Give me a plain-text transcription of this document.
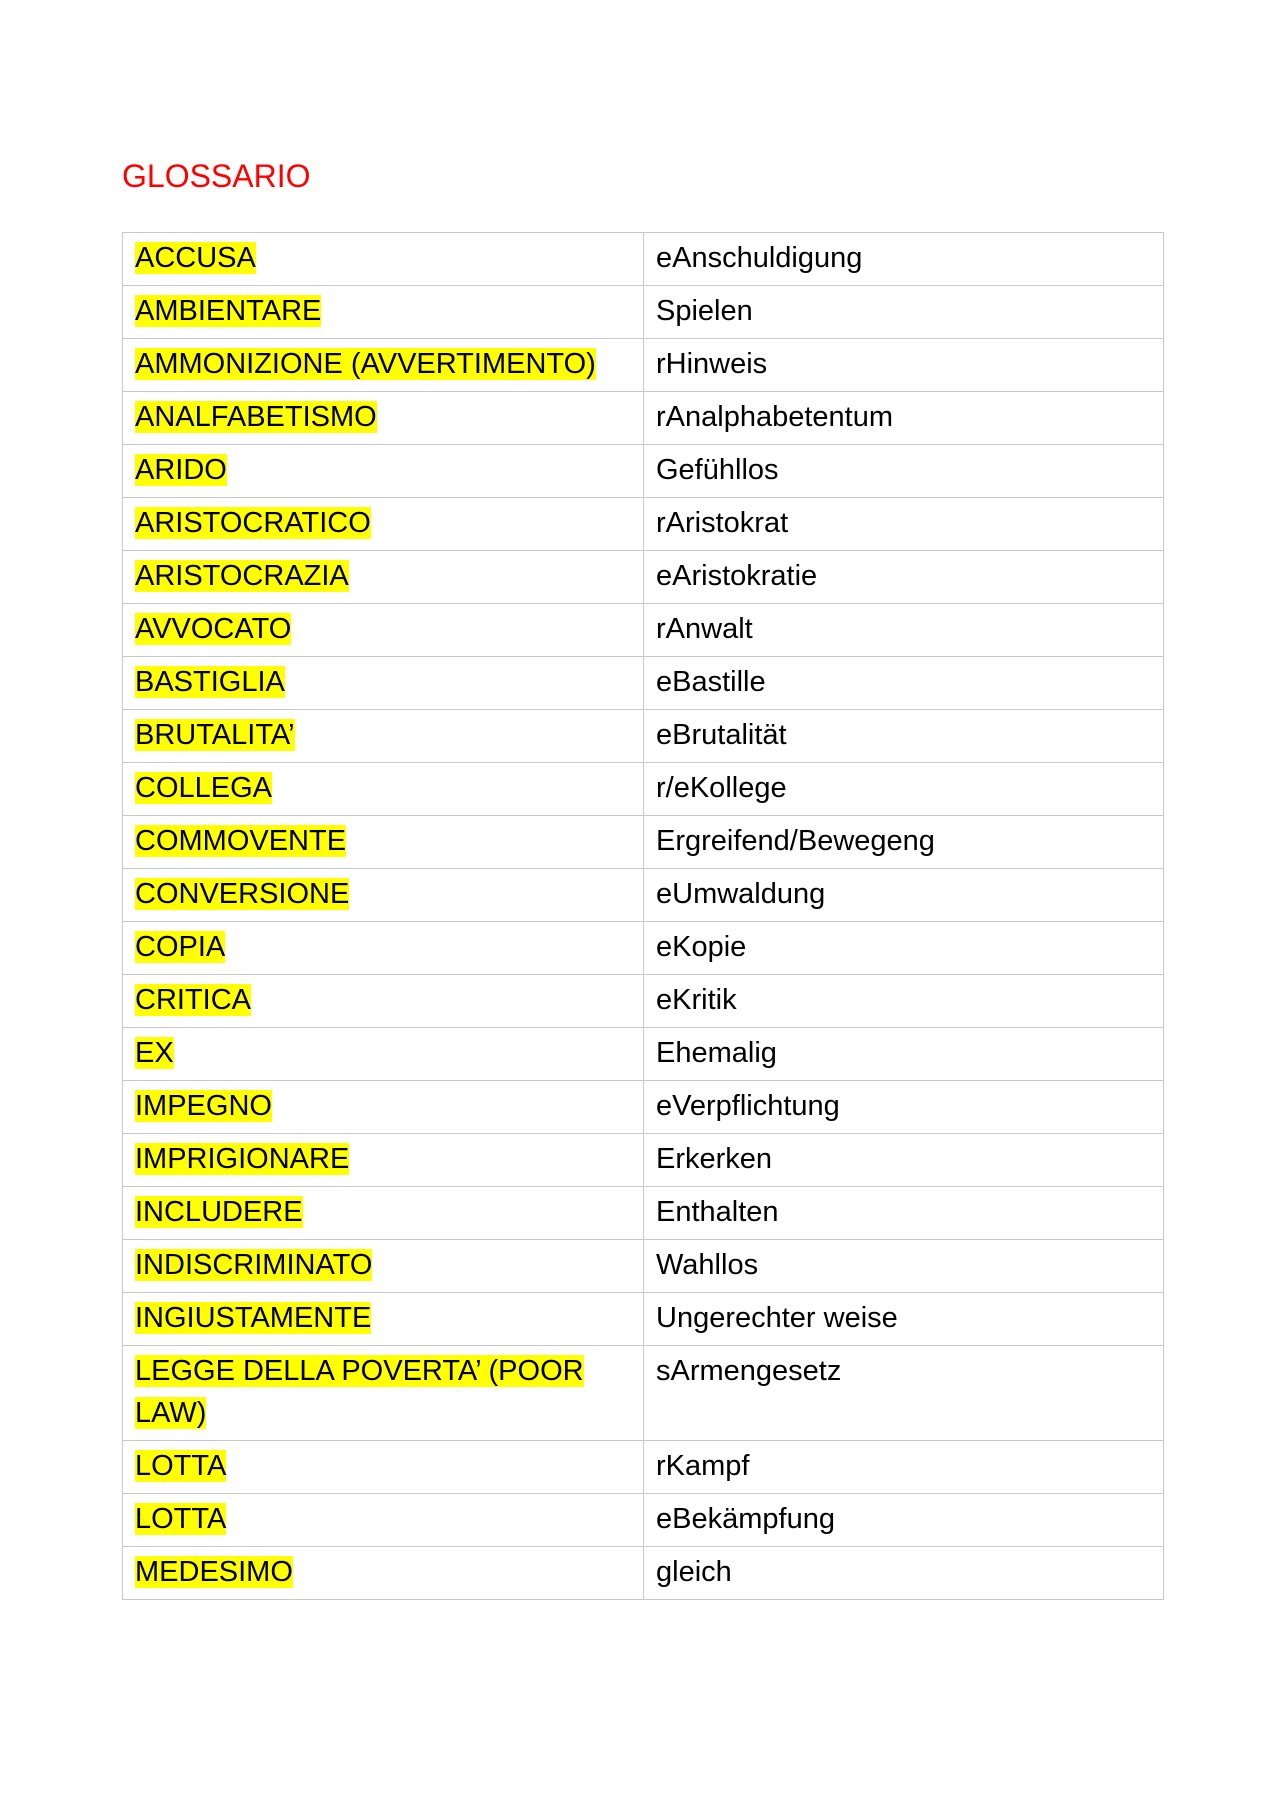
GLOSSARIO
ACCUSA	eAnschuldigung
AMBIENTARE	Spielen
AMMONIZIONE (AVVERTIMENTO)	rHinweis
ANALFABETISMO	rAnalphabetentum
ARIDO	Gefühllos
ARISTOCRATICO	rAristokrat
ARISTOCRAZIA	eAristokratie
AVVOCATO	rAnwalt
BASTIGLIA	eBastille
BRUTALITA’	eBrutalität
COLLEGA	r/eKollege
COMMOVENTE	Ergreifend/Bewegeng
CONVERSIONE	eUmwaldung
COPIA	eKopie
CRITICA	eKritik
EX	Ehemalig
IMPEGNO	eVerpflichtung
IMPRIGIONARE	Erkerken
INCLUDERE	Enthalten
INDISCRIMINATO	Wahllos
INGIUSTAMENTE	Ungerechter weise
LEGGE DELLA POVERTA’ (POOR LAW)	sArmengesetz
LOTTA	rKampf
LOTTA	eBekämpfung
MEDESIMO	gleich
